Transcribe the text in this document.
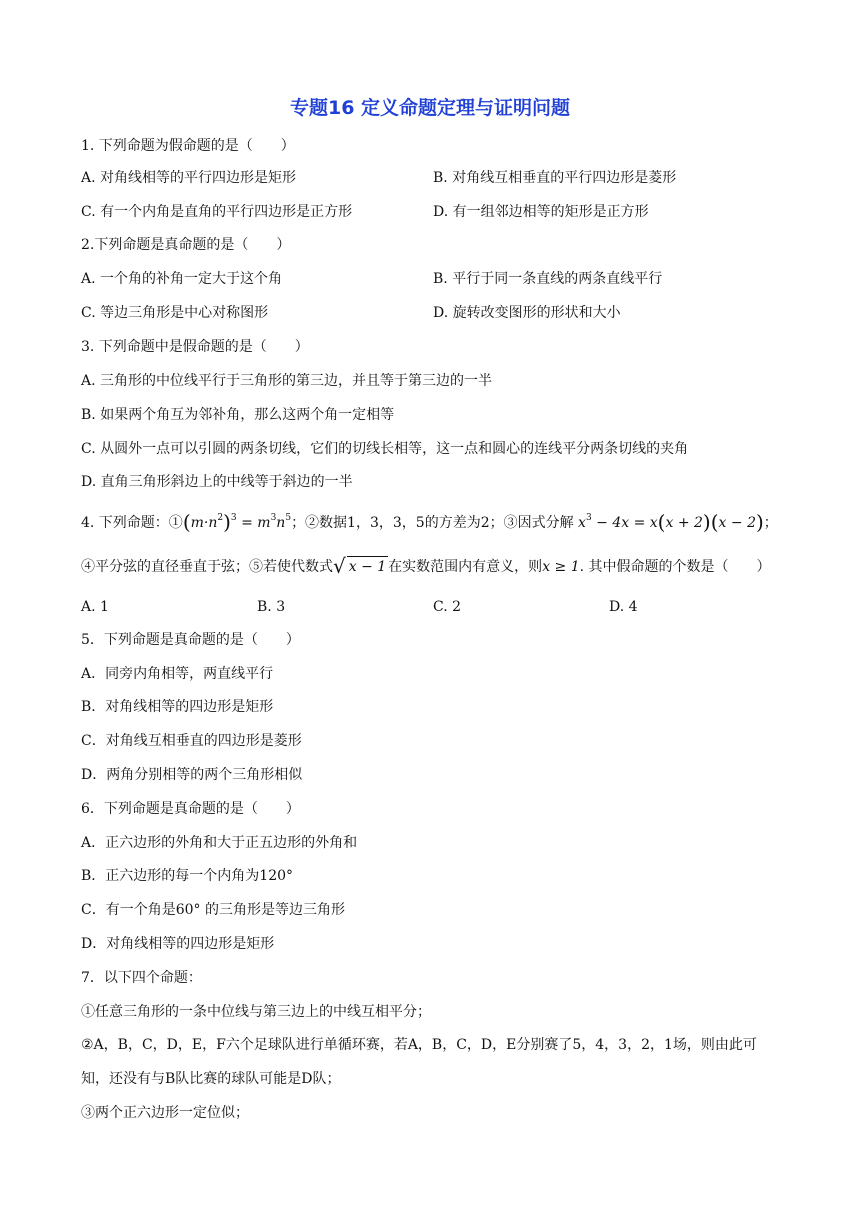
专题16 定义命题定理与证明问题
1. 下列命题为假命题的是（　　）
A. 对角线相等的平行四边形是矩形	B. 对角线互相垂直的平行四边形是菱形
C. 有一个内角是直角的平行四边形是正方形	D. 有一组邻边相等的矩形是正方形
2.下列命题是真命题的是（　　）
A. 一个角的补角一定大于这个角	B. 平行于同一条直线的两条直线平行
C. 等边三角形是中心对称图形	D. 旋转改变图形的形状和大小
3. 下列命题中是假命题的是（　　）
A. 三角形的中位线平行于三角形的第三边，并且等于第三边的一半
B. 如果两个角互为邻补角，那么这两个角一定相等
C. 从圆外一点可以引圆的两条切线，它们的切线长相等，这一点和圆心的连线平分两条切线的夹角
D. 直角三角形斜边上的中线等于斜边的一半
4. 下列命题：$①(m\cdot n^2)^3 = m^3n^5$；②数据1，3，3，5的方差为2；③因式分解 $x^3 - 4x = x(x + 2)(x - 2)$；
④平分弦的直径垂直于弦；⑤若使代数式√ x − 1 在实数范围内有意义，则x ≥ 1. 其中假命题的个数是（　　）
A. 1	B. 3	C. 2	D. 4
5．下列命题是真命题的是（　　）
A．同旁内角相等，两直线平行
B．对角线相等的四边形是矩形
C．对角线互相垂直的四边形是菱形
D．两角分别相等的两个三角形相似
6．下列命题是真命题的是（　　）
A．正六边形的外角和大于正五边形的外角和
B．正六边形的每一个内角为120°
C．有一个角是60° 的三角形是等边三角形
D．对角线相等的四边形是矩形
7．以下四个命题：
①任意三角形的一条中位线与第三边上的中线互相平分；
②A，B，C，D，E，F六个足球队进行单循环赛，若A，B，C，D，E分别赛了5，4，3，2，1场，则由此可
知，还没有与B队比赛的球队可能是D队；
③两个正六边形一定位似；
